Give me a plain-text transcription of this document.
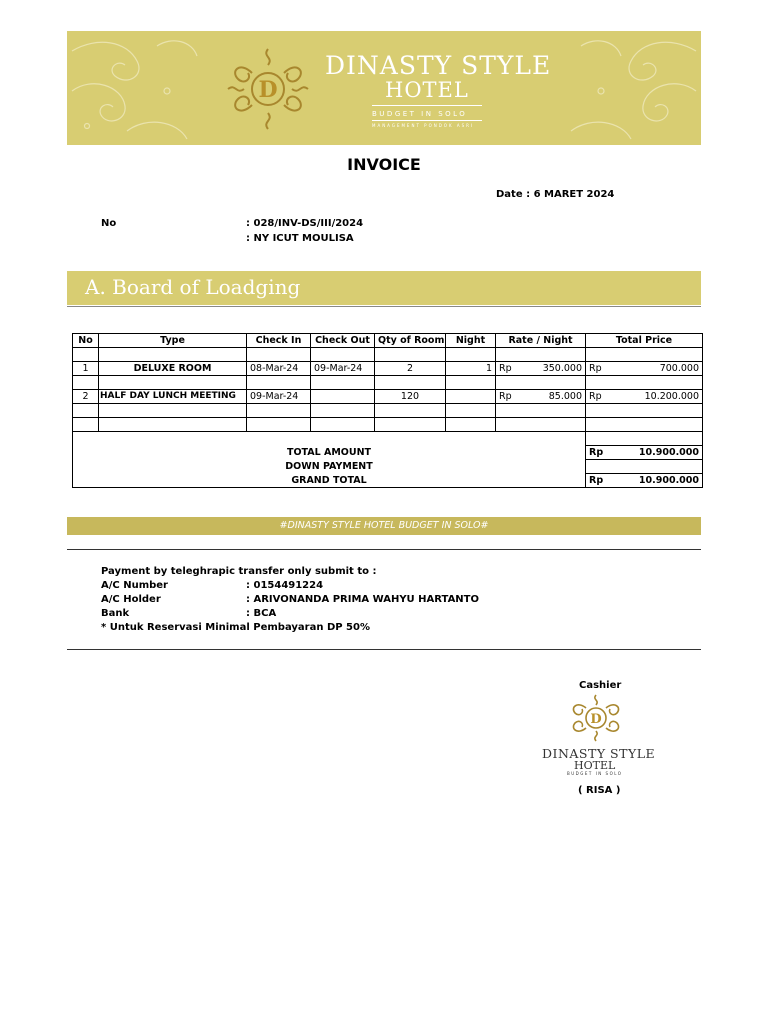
D
DINASTY STYLE
HOTEL
BUDGET IN SOLO
MANAGEMENT PONDOK ASRI
INVOICE
Date : 6 MARET 2024
No	: 028/INV-DS/III/2024
: NY ICUT MOULISA
A. Board of Loadging
No	Type	Check In	Check Out	Qty of Room	Night	Rate / Night		Total Price	

1	DELUXE ROOM	08-Mar-24	09-Mar-24	2	1	Rp	350.000	Rp	700.000

2	HALF DAY LUNCH MEETING	09-Mar-24		120		Rp	85.000	Rp	10.200.000

TOTAL AMOUNT								Rp	10.900.000
DOWN PAYMENT									
GRAND TOTAL								Rp	10.900.000
#DINASTY STYLE HOTEL BUDGET IN SOLO#
Payment by teleghrapic transfer only submit to :
A/C Number	: 0154491224
A/C Holder	: ARIVONANDA PRIMA WAHYU HARTANTO
Bank	: BCA
* Untuk Reservasi Minimal Pembayaran DP 50%
Cashier
D
DINASTY STYLE
HOTEL
BUDGET IN SOLO
( RISA )
